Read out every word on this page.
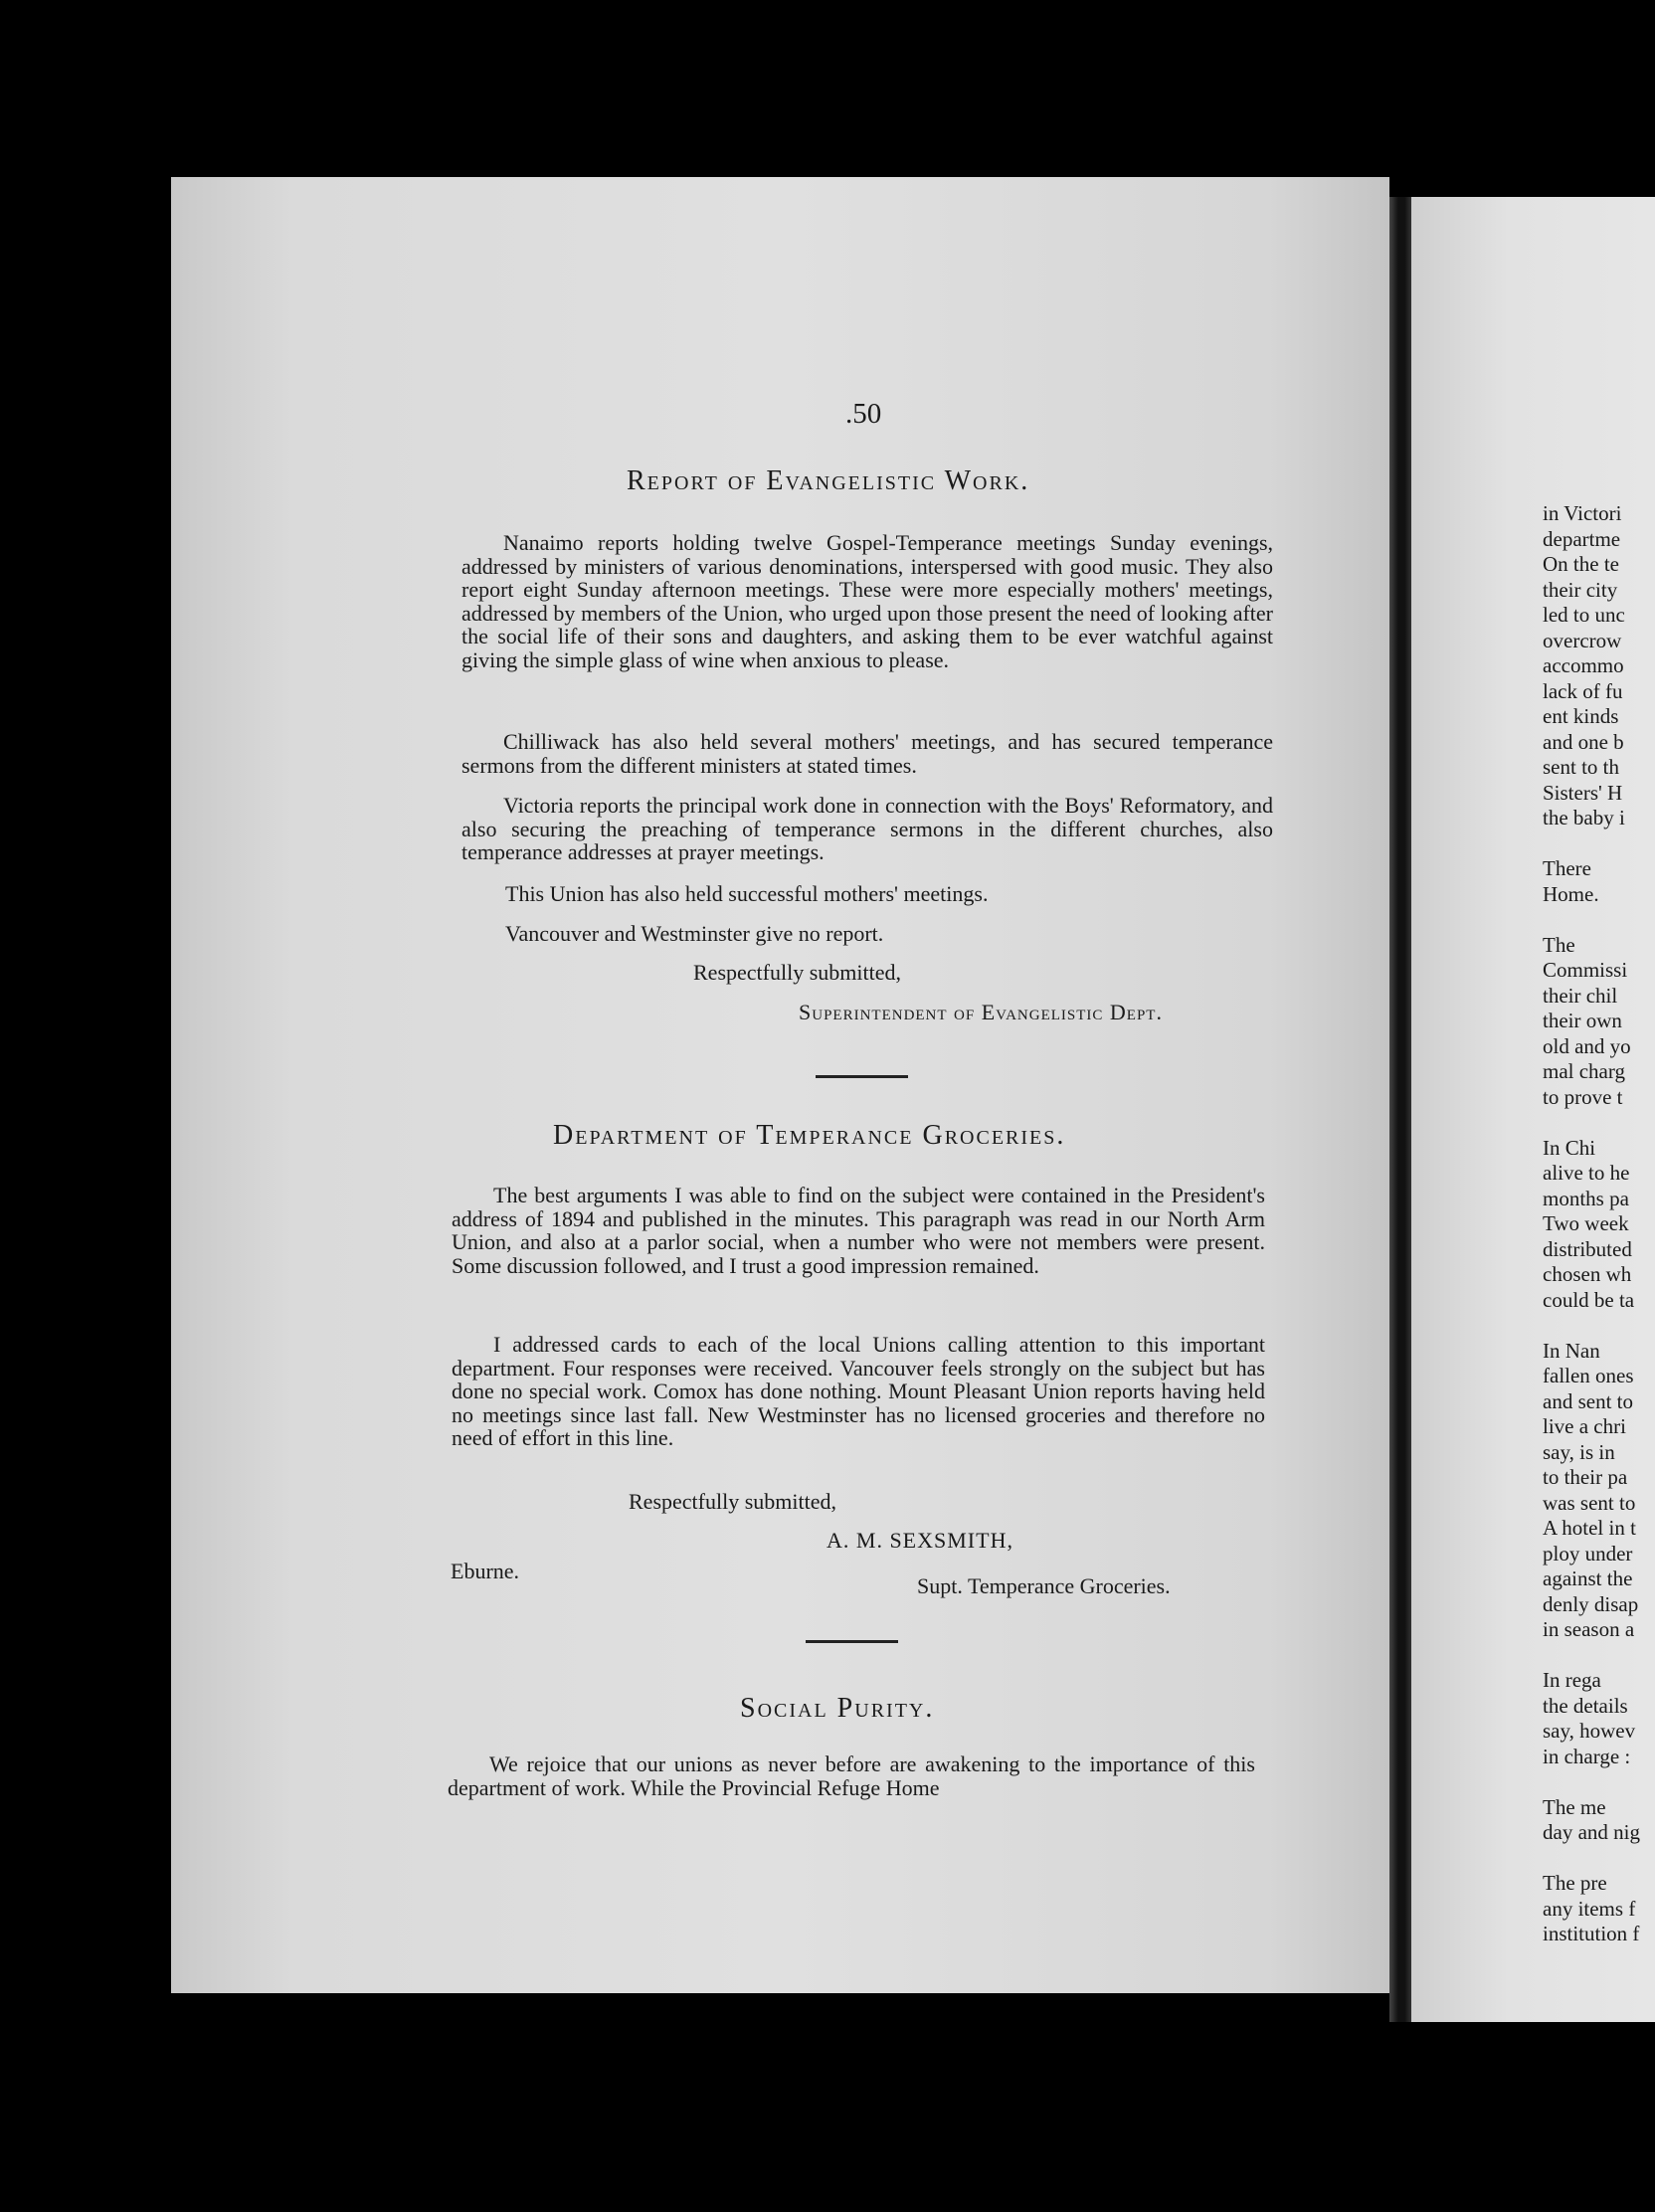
in Victori
departme
On the te
their city
led to unc
overcrow
accommo
lack of fu
ent kinds
and one b
sent to th
Sisters' H
the baby i

There
Home.

The
Commissi
their chil
their own
old and yo
mal charg
to prove t

In Chi
alive to he
months pa
Two week
distributed
chosen wh
could be ta

In Nan
fallen ones
and sent to
live a chri
say, is in
to their pa
was sent to
A hotel in t
ploy under
against the
denly disap
in season a

In rega
the details
say, howev
in charge :

The me
day and nig

The pre
any items f
institution f
.50
Report of Evangelistic Work.
Nanaimo reports holding twelve Gospel-Temperance meetings Sunday evenings, addressed by ministers of various denominations, interspersed with good music. They also report eight Sunday afternoon meetings. These were more especially mothers' meetings, addressed by members of the Union, who urged upon those present the need of looking after the social life of their sons and daughters, and asking them to be ever watchful against giving the simple glass of wine when anxious to please.
Chilliwack has also held several mothers' meetings, and has secured temperance sermons from the different ministers at stated times.
Victoria reports the principal work done in connection with the Boys' Reformatory, and also securing the preaching of temperance sermons in the different churches, also temperance addresses at prayer meetings.
This Union has also held successful mothers' meetings.
Vancouver and Westminster give no report.
Respectfully submitted,
Superintendent of Evangelistic Dept.
Department of Temperance Groceries.
The best arguments I was able to find on the subject were contained in the President's address of 1894 and published in the minutes. This paragraph was read in our North Arm Union, and also at a parlor social, when a number who were not members were present. Some discussion followed, and I trust a good impression remained.
I addressed cards to each of the local Unions calling attention to this important department. Four responses were received. Vancouver feels strongly on the subject but has done no special work. Comox has done nothing. Mount Pleasant Union reports having held no meetings since last fall. New Westminster has no licensed groceries and therefore no need of effort in this line.
Respectfully submitted,
A. M. SEXSMITH,
Eburne.
Supt. Temperance Groceries.
Social Purity.
We rejoice that our unions as never before are awakening to the importance of this department of work. While the Provincial Refuge Home
